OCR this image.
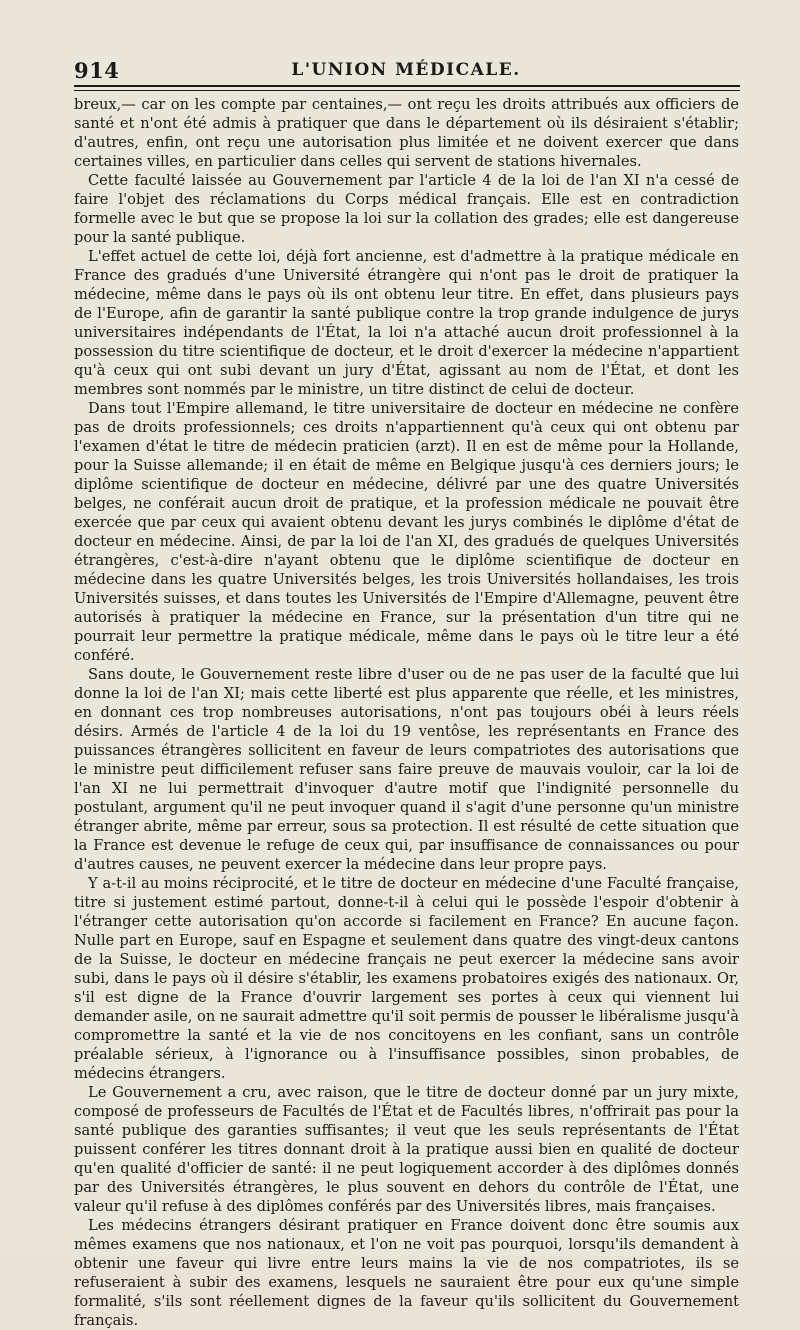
914	L'UNION MÉDICALE.

breux,— car on les compte par centaines,— ont reçu les droits attribués aux officiers de santé et n'ont été admis à pratiquer que dans le département où ils désiraient s'établir; d'autres, enfin, ont reçu une autorisation plus limitée et ne doivent exercer que dans certaines villes, en particulier dans celles qui servent de stations hivernales.

Cette faculté laissée au Gouvernement par l'article 4 de la loi de l'an XI n'a cessé de faire l'objet des réclamations du Corps médical français. Elle est en contradiction formelle avec le but que se propose la loi sur la collation des grades; elle est dangereuse pour la santé publique.

L'effet actuel de cette loi, déjà fort ancienne, est d'admettre à la pratique médicale en France des gradués d'une Université étrangère qui n'ont pas le droit de pratiquer la médecine, même dans le pays où ils ont obtenu leur titre. En effet, dans plusieurs pays de l'Europe, afin de garantir la santé publique contre la trop grande indulgence de jurys universitaires indépendants de l'État, la loi n'a attaché aucun droit professionnel à la possession du titre scientifique de docteur, et le droit d'exercer la médecine n'appartient qu'à ceux qui ont subi devant un jury d'État, agissant au nom de l'État, et dont les membres sont nommés par le ministre, un titre distinct de celui de docteur.

Dans tout l'Empire allemand, le titre universitaire de docteur en médecine ne confère pas de droits professionnels; ces droits n'appartiennent qu'à ceux qui ont obtenu par l'examen d'état le titre de médecin praticien (arzt). Il en est de même pour la Hollande, pour la Suisse allemande; il en était de même en Belgique jusqu'à ces derniers jours; le diplôme scientifique de docteur en médecine, délivré par une des quatre Universités belges, ne conférait aucun droit de pratique, et la profession médicale ne pouvait être exercée que par ceux qui avaient obtenu devant les jurys combinés le diplôme d'état de docteur en médecine. Ainsi, de par la loi de l'an XI, des gradués de quelques Universités étrangères, c'est-à-dire n'ayant obtenu que le diplôme scientifique de docteur en médecine dans les quatre Universités belges, les trois Universités hollandaises, les trois Universités suisses, et dans toutes les Universités de l'Empire d'Allemagne, peuvent être autorisés à pratiquer la médecine en France, sur la présentation d'un titre qui ne pourrait leur permettre la pratique médicale, même dans le pays où le titre leur a été conféré.

Sans doute, le Gouvernement reste libre d'user ou de ne pas user de la faculté que lui donne la loi de l'an XI; mais cette liberté est plus apparente que réelle, et les ministres, en donnant ces trop nombreuses autorisations, n'ont pas toujours obéi à leurs réels désirs. Armés de l'article 4 de la loi du 19 ventôse, les représentants en France des puissances étrangères sollicitent en faveur de leurs compatriotes des autorisations que le ministre peut difficilement refuser sans faire preuve de mauvais vouloir, car la loi de l'an XI ne lui permettrait d'invoquer d'autre motif que l'indignité personnelle du postulant, argument qu'il ne peut invoquer quand il s'agit d'une personne qu'un ministre étranger abrite, même par erreur, sous sa protection. Il est résulté de cette situation que la France est devenue le refuge de ceux qui, par insuffisance de connaissances ou pour d'autres causes, ne peuvent exercer la médecine dans leur propre pays.

Y a-t-il au moins réciprocité, et le titre de docteur en médecine d'une Faculté française, titre si justement estimé partout, donne-t-il à celui qui le possède l'espoir d'obtenir à l'étranger cette autorisation qu'on accorde si facilement en France? En aucune façon. Nulle part en Europe, sauf en Espagne et seulement dans quatre des vingt-deux cantons de la Suisse, le docteur en médecine français ne peut exercer la médecine sans avoir subi, dans le pays où il désire s'établir, les examens probatoires exigés des nationaux. Or, s'il est digne de la France d'ouvrir largement ses portes à ceux qui viennent lui demander asile, on ne saurait admettre qu'il soit permis de pousser le libéralisme jusqu'à compromettre la santé et la vie de nos concitoyens en les confiant, sans un contrôle préalable sérieux, à l'ignorance ou à l'insuffisance possibles, sinon probables, de médecins étrangers.

Le Gouvernement a cru, avec raison, que le titre de docteur donné par un jury mixte, composé de professeurs de Facultés de l'État et de Facultés libres, n'offrirait pas pour la santé publique des garanties suffisantes; il veut que les seuls représentants de l'État puissent conférer les titres donnant droit à la pratique aussi bien en qualité de docteur qu'en qualité d'officier de santé: il ne peut logiquement accorder à des diplômes donnés par des Universités étrangères, le plus souvent en dehors du contrôle de l'État, une valeur qu'il refuse à des diplômes conférés par des Universités libres, mais françaises.

Les médecins étrangers désirant pratiquer en France doivent donc être soumis aux mêmes examens que nos nationaux, et l'on ne voit pas pourquoi, lorsqu'ils demandent à obtenir une faveur qui livre entre leurs mains la vie de nos compatriotes, ils se refuseraient à subir des examens, lesquels ne sauraient être pour eux qu'une simple formalité, s'ils sont réellement dignes de la faveur qu'ils sollicitent du Gouvernement français.
